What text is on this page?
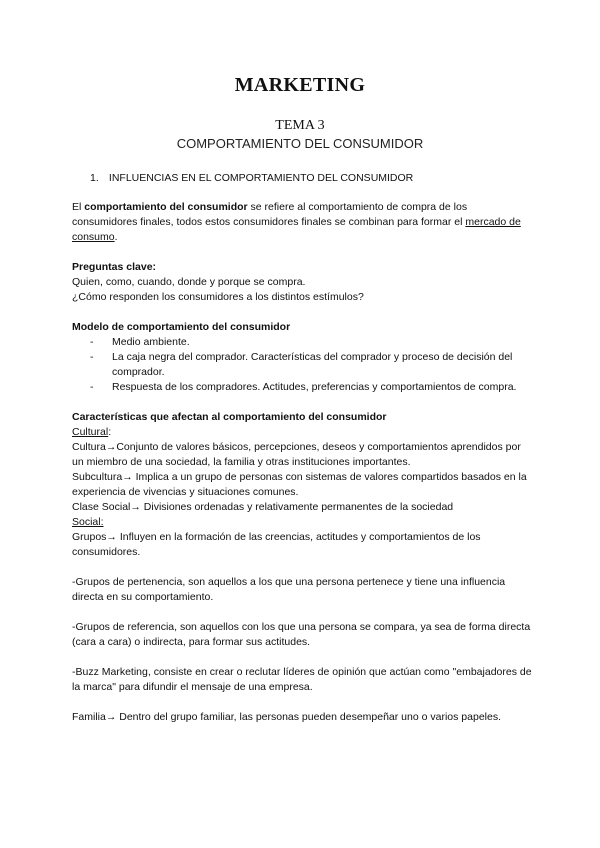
MARKETING
TEMA 3
COMPORTAMIENTO DEL CONSUMIDOR
1. INFLUENCIAS EN EL COMPORTAMIENTO DEL CONSUMIDOR

El comportamiento del consumidor se refiere al comportamiento de compra de los consumidores finales, todos estos consumidores finales se combinan para formar el mercado de consumo.

Preguntas clave:

Quien, como, cuando, donde y porque se compra.

¿Cómo responden los consumidores a los distintos estímulos?

Modelo de comportamiento del consumidor

- Medio ambiente.
- La caja negra del comprador. Características del comprador y proceso de decisión del comprador.
- Respuesta de los compradores. Actitudes, preferencias y comportamientos de compra.

Características que afectan al comportamiento del consumidor

Cultural:

Cultura→Conjunto de valores básicos, percepciones, deseos y comportamientos aprendidos por un miembro de una sociedad, la familia y otras instituciones importantes.

Subcultura→ Implica a un grupo de personas con sistemas de valores compartidos basados en la experiencia de vivencias y situaciones comunes.

Clase Social→ Divisiones ordenadas y relativamente permanentes de la sociedad

Social:

Grupos→ Influyen en la formación de las creencias, actitudes y comportamientos de los consumidores.

-Grupos de pertenencia, son aquellos a los que una persona pertenece y tiene una influencia directa en su comportamiento.

-Grupos de referencia, son aquellos con los que una persona se compara, ya sea de forma directa (cara a cara) o indirecta, para formar sus actitudes.

-Buzz Marketing, consiste en crear o reclutar líderes de opinión que actúan como "embajadores de la marca" para difundir el mensaje de una empresa.

Familia→ Dentro del grupo familiar, las personas pueden desempeñar uno o varios papeles.
